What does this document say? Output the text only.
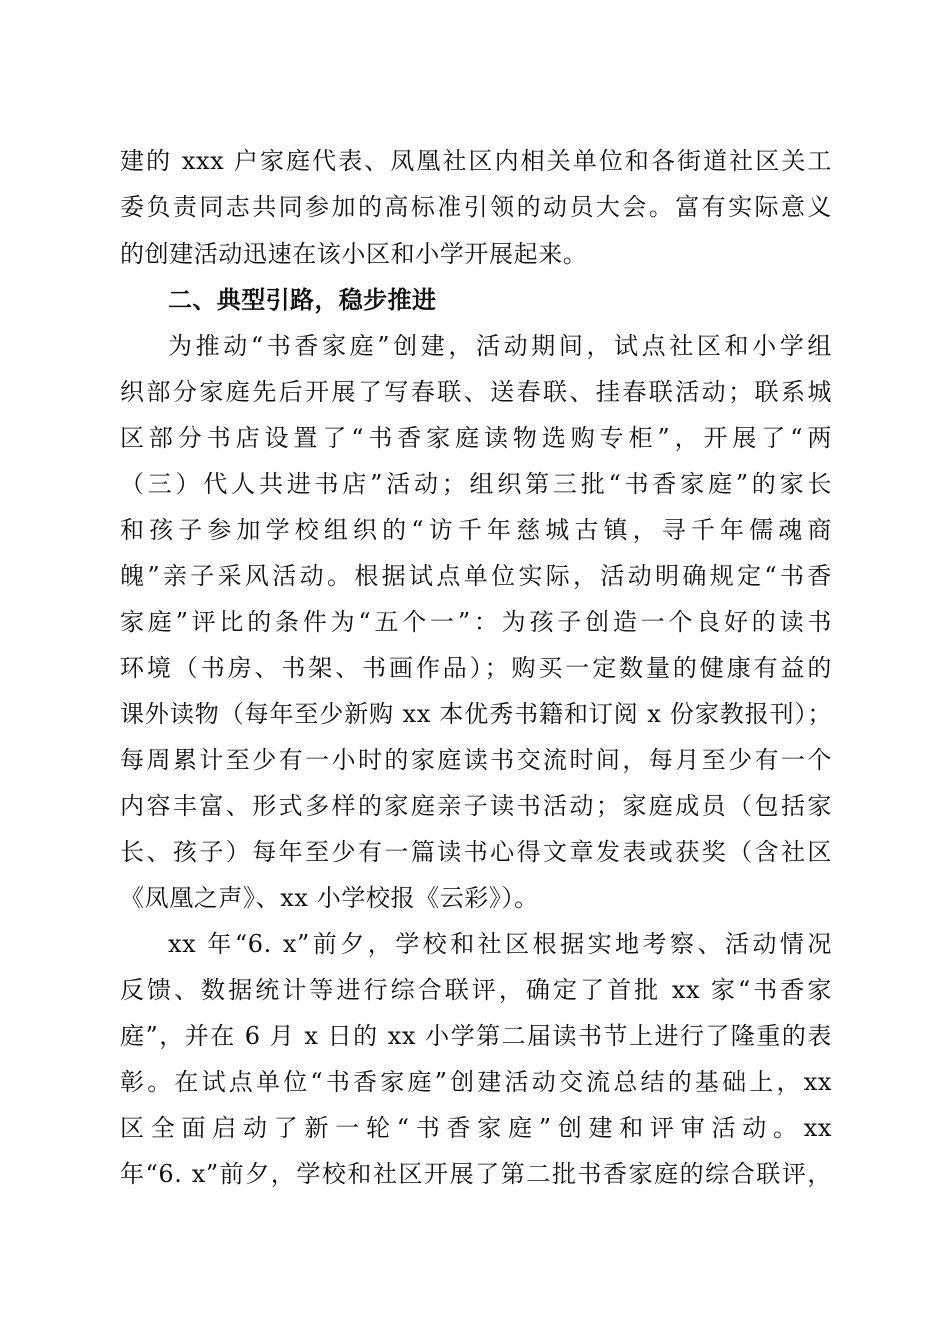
建的 xxx 户家庭代表、凤凰社区内相关单位和各街道社区关工
委负责同志共同参加的高标准引领的动员大会。富有实际意义
的创建活动迅速在该小区和小学开展起来。
二、典型引路，稳步推进
为推动“书香家庭”创建，活动期间，试点社区和小学组
织部分家庭先后开展了写春联、送春联、挂春联活动；联系城
区部分书店设置了“书香家庭读物选购专柜”，开展了“两
（三）代人共进书店”活动；组织第三批“书香家庭”的家长
和孩子参加学校组织的“访千年慈城古镇，寻千年儒魂商
魄”亲子采风活动。根据试点单位实际，活动明确规定“书香
家庭”评比的条件为“五个一”：为孩子创造一个良好的读书
环境（书房、书架、书画作品）；购买一定数量的健康有益的
课外读物（每年至少新购 xx 本优秀书籍和订阅 x 份家教报刊）；
每周累计至少有一小时的家庭读书交流时间，每月至少有一个
内容丰富、形式多样的家庭亲子读书活动；家庭成员（包括家
长、孩子）每年至少有一篇读书心得文章发表或获奖（含社区
《凤凰之声》、xx 小学校报《云彩》）。
xx 年“6. x”前夕，学校和社区根据实地考察、活动情况
反馈、数据统计等进行综合联评，确定了首批 xx 家“书香家
庭”，并在 6 月 x 日的 xx 小学第二届读书节上进行了隆重的表
彰。在试点单位“书香家庭”创建活动交流总结的基础上，xx
区全面启动了新一轮“书香家庭”创建和评审活动。xx
年“6. x”前夕，学校和社区开展了第二批书香家庭的综合联评，
